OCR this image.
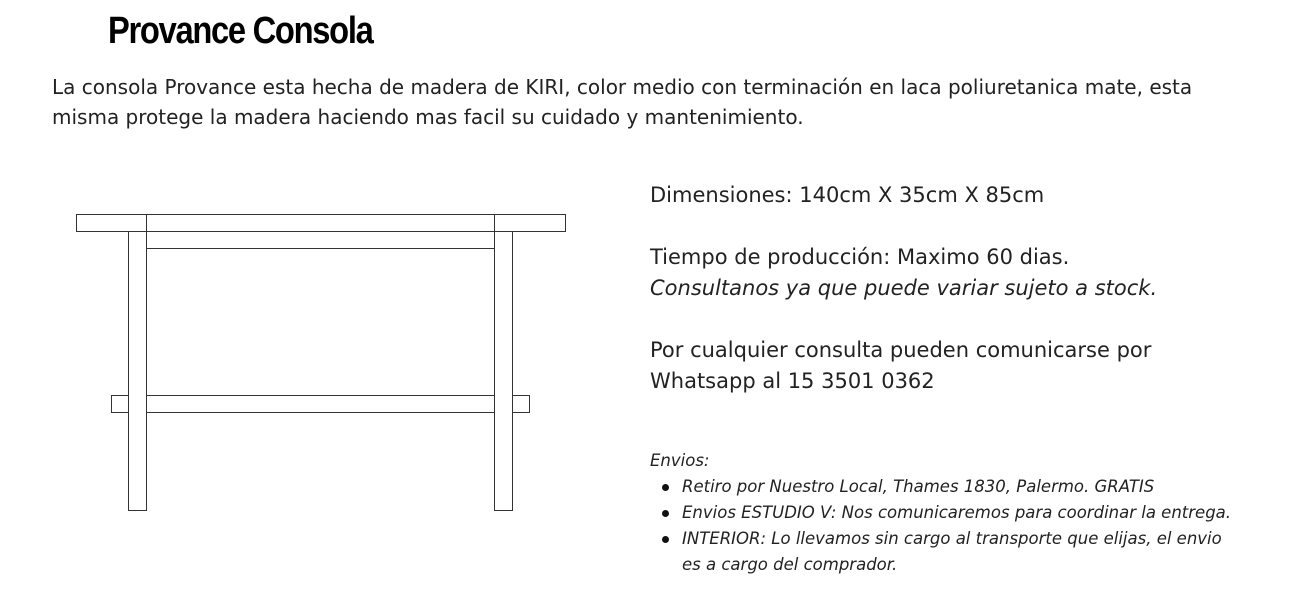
Provance Consola

La consola Provance esta hecha de madera de KIRI, color medio con terminación en laca poliuretanica mate, esta misma protege la madera haciendo mas facil su cuidado y mantenimiento.

Dimensiones: 140cm X 35cm X 85cm

Tiempo de producción: Maximo 60 dias.

Consultanos ya que puede variar sujeto a stock.

Por cualquier consulta pueden comunicarse por Whatsapp al 15 3501 0362

Envios:

Retiro por Nuestro Local, Thames 1830, Palermo. GRATIS
Envios ESTUDIO V: Nos comunicaremos para coordinar la entrega.
INTERIOR: Lo llevamos sin cargo al transporte que elijas, el envio es a cargo del comprador.
